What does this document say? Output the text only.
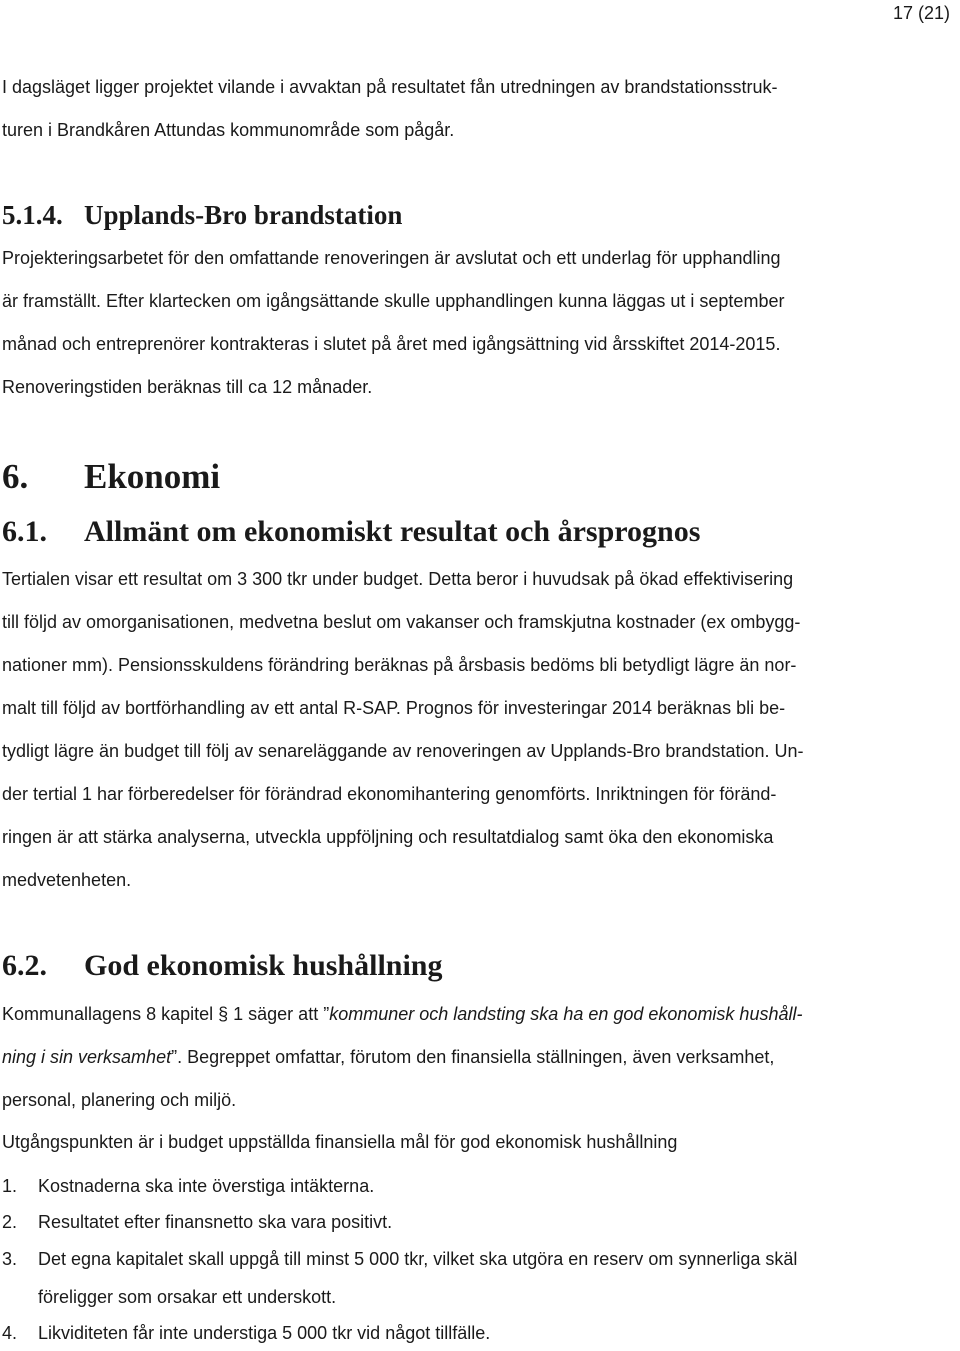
17 (21)
I dagsläget ligger projektet vilande i avvaktan på resultatet fån utredningen av brandstationsstruk-
turen i Brandkåren Attundas kommunområde som pågår.
5.1.4. Upplands-Bro brandstation
Projekteringsarbetet för den omfattande renoveringen är avslutat och ett underlag för upphandling
är framställt. Efter klartecken om igångsättande skulle upphandlingen kunna läggas ut i september
månad och entreprenörer kontrakteras i slutet på året med igångsättning vid årsskiftet 2014-2015.
Renoveringstiden beräknas till ca 12 månader.
6. Ekonomi
6.1. Allmänt om ekonomiskt resultat och årsprognos
Tertialen visar ett resultat om 3 300 tkr under budget. Detta beror i huvudsak på ökad effektivisering
till följd av omorganisationen, medvetna beslut om vakanser och framskjutna kostnader (ex ombygg-
nationer mm). Pensionsskuldens förändring beräknas på årsbasis bedöms bli betydligt lägre än nor-
malt till följd av bortförhandling av ett antal R-SAP. Prognos för investeringar 2014 beräknas bli be-
tydligt lägre än budget till följ av senareläggande av renoveringen av Upplands-Bro brandstation. Un-
der tertial 1 har förberedelser för förändrad ekonomihantering genomförts. Inriktningen för föränd-
ringen är att stärka analyserna, utveckla uppföljning och resultatdialog samt öka den ekonomiska
medvetenheten.
6.2. God ekonomisk hushållning
Kommunallagens 8 kapitel § 1 säger att ”kommuner och landsting ska ha en god ekonomisk hushåll-
ning i sin verksamhet”. Begreppet omfattar, förutom den finansiella ställningen, även verksamhet,
personal, planering och miljö.
Utgångspunkten är i budget uppställda finansiella mål för god ekonomisk hushållning
1. Kostnaderna ska inte överstiga intäkterna.
2. Resultatet efter finansnetto ska vara positivt.
3. Det egna kapitalet skall uppgå till minst 5 000 tkr, vilket ska utgöra en reserv om synnerliga skäl
föreligger som orsakar ett underskott.
4. Likviditeten får inte understiga 5 000 tkr vid något tillfälle.
